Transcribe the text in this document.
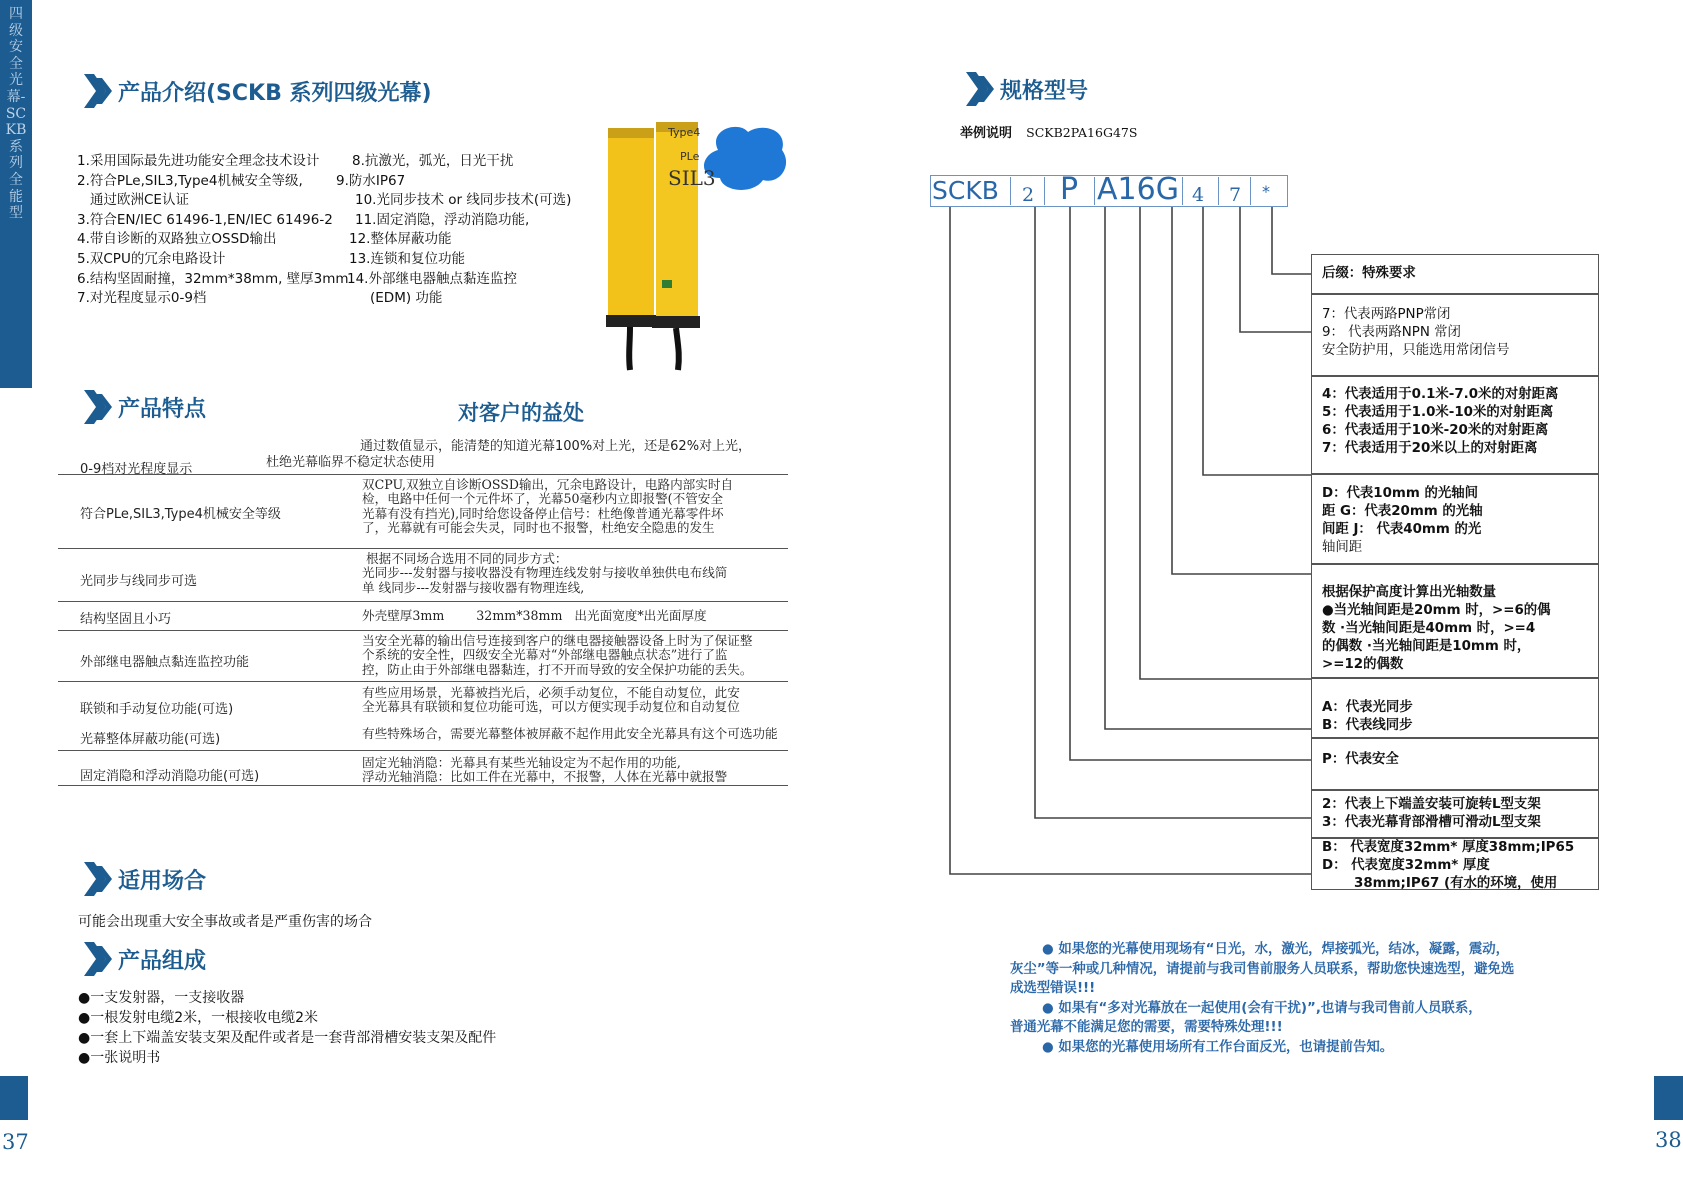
四级安全光幕-SCKB系列全能型
37	38
产品介绍(SCKB 系列四级光幕)
1.采用国际最先进功能安全理念技术设计
2.符合PLe,SIL3,Type4机械安全等级,
通过欧洲CE认证
3.符合EN/IEC 61496-1,EN/IEC 61496-2
4.带自诊断的双路独立OSSD输出
5.双CPU的冗余电路设计
6.结构坚固耐撞，32mm*38mm, 壁厚3mm
7.对光程度显示0-9档
8.抗激光，弧光，日光干扰
9.防水IP67
10.光同步技术 or 线同步技术(可选)
11.固定消隐，浮动消隐功能,
12.整体屏蔽功能
13.连锁和复位功能
14.外部继电器触点黏连监控
(EDM) 功能
Type4
PLe
SIL3
产品特点	对客户的益处
0-9档对光程度显示
通过数值显示，能清楚的知道光幕100%对上光，还是62%对上光，
杜绝光幕临界不稳定状态使用
符合PLe,SIL3,Type4机械安全等级
双CPU,双独立自诊断OSSD输出，冗余电路设计，电路内部实时自
检，电路中任何一个元件坏了，光幕50毫秒内立即报警(不管安全
光幕有没有挡光),同时给您设备停止信号：杜绝像普通光幕零件坏
了，光幕就有可能会失灵，同时也不报警，杜绝安全隐患的发生
光同步与线同步可选
根据不同场合选用不同的同步方式：
光同步---发射器与接收器没有物理连线发射与接收单独供电布线简
单 线同步---发射器与接收器有物理连线,
结构坚固且小巧	外壳壁厚3mm        32mm*38mm   出光面宽度*出光面厚度
外部继电器触点黏连监控功能
当安全光幕的输出信号连接到客户的继电器接触器设备上时为了保证整
个系统的安全性，四级安全光幕对“外部继电器触点状态”进行了监
控，防止由于外部继电器黏连，打不开而导致的安全保护功能的丢失。
联锁和手动复位功能(可选)
有些应用场景，光幕被挡光后，必须手动复位，不能自动复位，此安
全光幕具有联锁和复位功能可选，可以方便实现手动复位和自动复位
光幕整体屏蔽功能(可选)	有些特殊场合，需要光幕整体被屏蔽不起作用此安全光幕具有这个可选功能
固定消隐和浮动消隐功能(可选)
固定光轴消隐：光幕具有某些光轴设定为不起作用的功能,
浮动光轴消隐：比如工件在光幕中，不报警，人体在光幕中就报警
适用场合
可能会出现重大安全事故或者是严重伤害的场合
产品组成
●一支发射器，一支接收器
●一根发射电缆2米，一根接收电缆2米
●一套上下端盖安装支架及配件或者是一套背部滑槽安装支架及配件
●一张说明书
规格型号
举例说明 SCKB2PA16G47S
SCKB 2 P A16G 4 7 *
后缀：特殊要求
7：代表两路PNP常闭
9： 代表两路NPN 常闭
安全防护用，只能选用常闭信号
4：代表适用于0.1米-7.0米的对射距离
5：代表适用于1.0米-10米的对射距离
6：代表适用于10米-20米的对射距离
7：代表适用于20米以上的对射距离
D：代表10mm 的光轴间
距 G：代表20mm 的光轴
间距 J： 代表40mm 的光
轴间距
根据保护高度计算出光轴数量
●当光轴间距是20mm 时，>=6的偶
数 ·当光轴间距是40mm 时，>=4
的偶数 ·当光轴间距是10mm 时，
>=12的偶数
A：代表光同步
B：代表线同步
P：代表安全
2：代表上下端盖安装可旋转L型支架
3：代表光幕背部滑槽可滑动L型支架
B： 代表宽度32mm* 厚度38mm;IP65
D： 代表宽度32mm* 厚度
38mm;IP67 (有水的环境，使用
● 如果您的光幕使用现场有“日光，水，激光，焊接弧光，结冰，凝露，震动，
灰尘”等一种或几种情况，请提前与我司售前服务人员联系，帮助您快速选型，避免选
成选型错误!!!
● 如果有“多对光幕放在一起使用(会有干扰)”,也请与我司售前人员联系，
普通光幕不能满足您的需要，需要特殊处理!!!
● 如果您的光幕使用场所有工作台面反光，也请提前告知。
